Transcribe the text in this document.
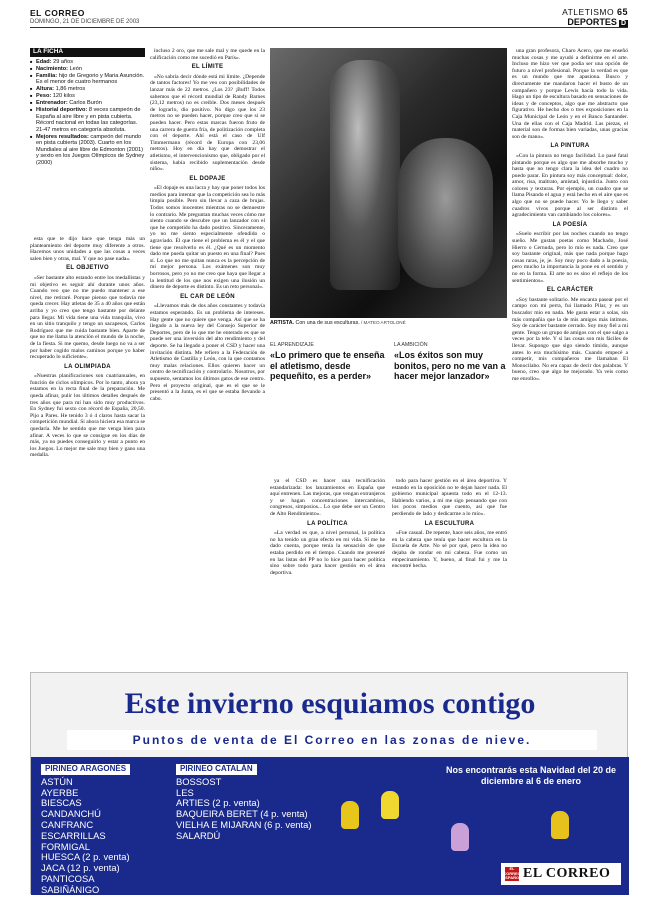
EL CORREO
DOMINGO, 21 DE DICIEMBRE DE 2003
ATLETISMO 65
DEPORTES D
LA FICHA
■ Edad: 29 años
■ Nacimiento: León
■ Familia: hijo de Gregorio y Maria Asunción. Es el menor de cuatro hermanos
■ Altura: 1,86 metros
■ Peso: 120 kilos
■ Entrenador: Carlos Burón
■ Historial deportivo: 8 veces campeón de España al aire libre y en pista cubierta. Récord nacional en todas las categorías. 21-47 metros en categoría absoluta.
■ Mejores resultados: campeón del mundo en pista cubierta (2003). Cuarto en los Mundiales al aire libre de Edmonton (2001) y sexto en los Juegos Olímpicos de Sydney (2000)

esta que te dijo hace que tenga más un planteamiento del deporte muy diferente a otros. Hacemos unos unidades a que las cosas a veces salen bien y otras, mal. Y que no pase nada».

EL OBJETIVO

«Ser bastante alto estando entre los medallistas y mi objetivo es seguir ahí durante unos años. Cuando veo que no me puedo mantener a ese nivel, me retiraré. Porque pienso que todavía me queda crecer. Hay atletas de 35 a 40 años que están arriba y yo creo que tengo bastante por delante para llegar. Mi vida tiene una vida tranquila, vivo en un sitio tranquilo y tengo un sacapesos, Carlos Rodríguez que me cuida bastante bien. Aparte de que no me llama la atención el mundo de la noche, de la fiesta. Si me quemo, desde luego no va a ser por haber cogido malos caminos porque yo haber recuperado lo suficiente».

LA OLIMPIADA

«Nuestras planificaciones son cuatrianuales, en función de ciclos olímpicos. Por lo tanto, ahora ya estamos en la recta final de la preparación. Me queda afinar, pulir los últimos detalles después de tres años que para mí han sido muy productivos. En Sydney fui sexto con récord de España, 20,50. Pijo a Pares. He tenido 3 ó 4 claros hasta sacar la competición mundial. Si ahora hiciera esa marca se quedaría. Me he sentido que me venga bien para afinar. A veces lo que se consigue en los días de más, ya no puedes conseguirlo y estar a punto en los Juegos. Lo mejor me sale muy bien y gano una medalla.

incluso 2 oro, que me sale mal y me quede en la calificación como me sucedió en París».

EL LÍMITE

«No sabría decir dónde está mi límite. ¿Depende de tantos factores! Yo me veo con posibilidades de lanzar más de 22 metros. ¿Los 23? ¡Buff! Todos sabemos que el récord mundial de Randy Barnes (23,12 metros) no es creíble. Dos meses después de lograrlo, dio positivo. No digo que los 23 metros no se pueden hacer, porque creo que sí se pueden hacer. Pero estas marcas fueron fruto de una carrera de guerra fría, de politización completa con el deporte. Ahí está el caso de Ulf Timmermann (récord de Europa con 23,06 metros). Hoy en día hay que demostrar el atletismo, el intervencionismo que, obligado por el sistema, había recibido suplementación desde niño».

EL DOPAJE

«El dopaje es una lacra y hay que poner todos los medios para intentar que la competición sea lo más limpia posible. Pero sin llevar a caza de brujas. Todos somos inocentes mientras no se demuestre lo contrario. Me preguntan muchas veces cómo me siento cuando se descubre que un lanzador con el que he competido ha dado positivo. Sinceramente, yo no me siento especialmente ofendido o agraviado. Él que tiene el problema es él y el que tiene que resolverlo es él. ¿Qué es un momento dado me pueda quitar un puesto en una final? Pues sí. Lo que no me quitan nunca es la percepción de mí mejor persona. Los exámenes son muy borrosos, pero yo no me creo que haya que llegar a la lentitud de los que nos exigen una ilusión un dinero de deporte es distinto. Es un reto personal».

EL CAR DE LEÓN

«Llevamos más de dos años constantes y todavía estamos esperando. Es un problema de intereses. Hay gente que no quiere que venga. Así que se ha llegado a la nueva ley del Consejo Superior de Deportes, pero de lo que me he enterado es que se puede ser una inversión del alto rendimiento y del deporte. Se ha llegado a poner el CSD y hacer una invitación distinta. Me refiero a la Federación de Atletismo de Castilla y León, con la que contamos muy malas relaciones. Ellos quieren hacer un centro de tecnificación y controlarlo. Nosotros, por supuesto, sentamos los últimos gatos de ese centro. Pero el proyecto original, que es el que se le presentó a la Junta, es el que se estaba llevando a cabo.

ARTISTA. Con una de sus esculturas. / MATEO ARTOLONÉ
EL APRENDIZAJE
«Lo primero que te enseña el atletismo, desde pequeñito, es a perder»
LA AMBICIÓN
«Los éxitos son muy bonitos, pero no me van a hacer mejor lanzador»

ya el CSD es hacer una tecnificación estandarizada: los lanzamientos en España que aquí entrenen. Las mejoras, que vengan extranjeros y se hagan concentraciones intercambios, congresos, simposios... Lo que debe ser un Centro de Alto Rendimiento».

LA POLÍTICA

«La verdad es que, a nivel personal, la política no ha tenido un gran efecto en mi vida. Sí me he dado cuenta, porque tenía la sensación de que estaba perdido en el tiempo. Cuando me presenté en las listas del PP no lo hice para hacer política sino sobre todo para hacer gestión en el área deportiva.

todo para hacer gestión en el área deportiva. Y estando en la oposición no te dejan hacer nada. El gobierno municipal apuesta todo en el 12-13. Habiendo varios, a mí me sigo pensando que con los pocos medios que cuento, así que fue perdiendo de lado y dedicarme a lo mío».

LA ESCULTURA

«Fue casual. De repente, hace seis años, me entró en la cabeza que tenía que hacer escultura en la Escuela de Arte. No sé por qué, pero la idea no dejaba de rondar en mi cabeza. Fue como un empecinamiento. Y, bueno, al final fui y me la encontré hecha.

una gran profesora, Charo Acero, que me enseñó muchas cosas y me ayudó a definirme en el arte. Incluso me hizo ver que podía ser una opción de futuro a nivel profesional. Porque la verdad es que es un mundo que me apasiona. Busco y directamente me mandaron hacer el busto de un compañero y porque Lewis hacía todo la vida. Hago un tipo de escultura basado en sensaciones de ideas y de conceptos, algo que me abstracto que figurativo. He hecho dos o tres exposiciones en la Caja Municipal de León y en el Banco Santander. Una de ellas con el Caja Madrid. Las piezas, el material son de formas bien variadas, unas gracias son de mano».

LA PINTURA

«Con la pintura no tengo facilidad. Lo pasé fatal pintando porque es algo que me absorbe mucho y hasta que no tengo clara la idea del cuadro no puedo parar. En pintura soy más conceptual: dolor, amor, risa, maltrato, amistad, injusticia. Junto con colores y texturas. Por ejemplo, un cuadro que se llama Pisando el agua y está hecho en el aire que es algo que no se puede hacer. Yo le llego y saber cuadros vivos porque al ser distinto el agradecimiento van cambiando los colores».

LA POESÍA

«Suelo escribir por las noches cuando no tengo sueño. Me gustan poetas como Machado, José Hierro o Cernuda, pero lo mío es nada. Creo que soy bastante original, más que nada porque hago cosas raras, je, je. Soy muy poco dado a la poesía, pero mucho la importancia la pone en el sentido y no en la forma. El arte no es sino el reflejo de los sentimientos».

EL CARÁCTER

«Soy bastante solitario. Me encanta pasear por el campo con mi perra, fui llamado Pilar, y es un buscador mío en nada. Me gusta estar a solas, sin más compañía que la de mis amigos más íntimos. Soy de carácter bastante cerrado. Soy muy fiel a mi gente. Tengo un grupo de amigos con el que salgo a veces por la tele. Y si las cosas son mis fáciles de llevar. Supongo que sigo siendo tímido, aunque antes lo era muchísimo más. Cuando empecé a competir, mis compañeros me llamaban El Monocilabo. No era capaz de decir dos palabras. Y bueno, creo que algo he mejorado. Ya veis como me enrollo».

Este invierno esquiamos contigo
Puntos de venta de El Correo en las zonas de nieve.
PIRINEO ARAGONÉS
ASTÚN
AYERBE
BIESCAS
CANDANCHÚ
CANFRANC
ESCARRILLAS
FORMIGAL
HUESCA (2 p. venta)
JACA (12 p. venta)
PANTICOSA
SABIÑÁNIGO
SALLENT DE GÁLLEGO
PIRINEO CATALÁN
BOSSOST
LES
ARTIES (2 p. venta)
BAQUEIRA BERET (4 p. venta)
VIELHA E MIJARAN (6 p. venta)
SALARDÚ
Nos encontrarás esta Navidad del 20 de diciembre al 6 de enero
EL CORREO ESPAÑOL EL CORREO
